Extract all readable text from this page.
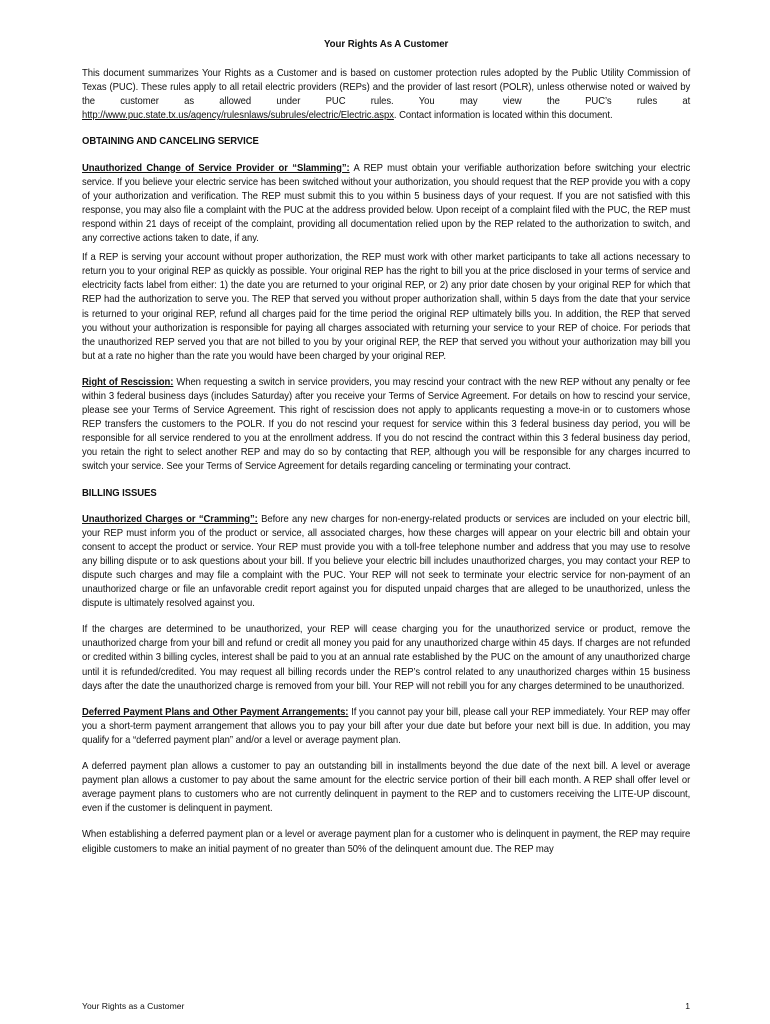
Your Rights As A Customer

This document summarizes Your Rights as a Customer and is based on customer protection rules adopted by the Public Utility Commission of Texas (PUC). These rules apply to all retail electric providers (REPs) and the provider of last resort (POLR), unless otherwise noted or waived by the customer as allowed under PUC rules. You may view the PUC’s rules at http://www.puc.state.tx.us/agency/rulesnlaws/subrules/electric/Electric.aspx. Contact information is located within this document.

OBTAINING AND CANCELING SERVICE

Unauthorized Change of Service Provider or “Slamming”: A REP must obtain your verifiable authorization before switching your electric service. If you believe your electric service has been switched without your authorization, you should request that the REP provide you with a copy of your authorization and verification. The REP must submit this to you within 5 business days of your request. If you are not satisfied with this response, you may also file a complaint with the PUC at the address provided below. Upon receipt of a complaint filed with the PUC, the REP must respond within 21 days of receipt of the complaint, providing all documentation relied upon by the REP related to the authorization to switch, and any corrective actions taken to date, if any.

If a REP is serving your account without proper authorization, the REP must work with other market participants to take all actions necessary to return you to your original REP as quickly as possible. Your original REP has the right to bill you at the price disclosed in your terms of service and electricity facts label from either: 1) the date you are returned to your original REP, or 2) any prior date chosen by your original REP for which that REP had the authorization to serve you. The REP that served you without proper authorization shall, within 5 days from the date that your service is returned to your original REP, refund all charges paid for the time period the original REP ultimately bills you. In addition, the REP that served you without your authorization is responsible for paying all charges associated with returning your service to your REP of choice. For periods that the unauthorized REP served you that are not billed to you by your original REP, the REP that served you without your authorization may bill you but at a rate no higher than the rate you would have been charged by your original REP.

Right of Rescission: When requesting a switch in service providers, you may rescind your contract with the new REP without any penalty or fee within 3 federal business days (includes Saturday) after you receive your Terms of Service Agreement. For details on how to rescind your service, please see your Terms of Service Agreement. This right of rescission does not apply to applicants requesting a move-in or to customers whose REP transfers the customers to the POLR. If you do not rescind your request for service within this 3 federal business day period, you will be responsible for all service rendered to you at the enrollment address. If you do not rescind the contract within this 3 federal business day period, you retain the right to select another REP and may do so by contacting that REP, although you will be responsible for any charges incurred to switch your service. See your Terms of Service Agreement for details regarding canceling or terminating your contract.

BILLING ISSUES

Unauthorized Charges or “Cramming”: Before any new charges for non-energy-related products or services are included on your electric bill, your REP must inform you of the product or service, all associated charges, how these charges will appear on your electric bill and obtain your consent to accept the product or service. Your REP must provide you with a toll-free telephone number and address that you may use to resolve any billing dispute or to ask questions about your bill. If you believe your electric bill includes unauthorized charges, you may contact your REP to dispute such charges and may file a complaint with the PUC. Your REP will not seek to terminate your electric service for non-payment of an unauthorized charge or file an unfavorable credit report against you for disputed unpaid charges that are alleged to be unauthorized, unless the dispute is ultimately resolved against you.

If the charges are determined to be unauthorized, your REP will cease charging you for the unauthorized service or product, remove the unauthorized charge from your bill and refund or credit all money you paid for any unauthorized charge within 45 days. If charges are not refunded or credited within 3 billing cycles, interest shall be paid to you at an annual rate established by the PUC on the amount of any unauthorized charge until it is refunded/credited. You may request all billing records under the REP’s control related to any unauthorized charges within 15 business days after the date the unauthorized charge is removed from your bill. Your REP will not rebill you for any charges determined to be unauthorized.

Deferred Payment Plans and Other Payment Arrangements: If you cannot pay your bill, please call your REP immediately. Your REP may offer you a short-term payment arrangement that allows you to pay your bill after your due date but before your next bill is due. In addition, you may qualify for a “deferred payment plan” and/or a level or average payment plan.

A deferred payment plan allows a customer to pay an outstanding bill in installments beyond the due date of the next bill. A level or average payment plan allows a customer to pay about the same amount for the electric service portion of their bill each month. A REP shall offer level or average payment plans to customers who are not currently delinquent in payment to the REP and to customers receiving the LITE-UP discount, even if the customer is delinquent in payment.

When establishing a deferred payment plan or a level or average payment plan for a customer who is delinquent in payment, the REP may require eligible customers to make an initial payment of no greater than 50% of the delinquent amount due. The REP may

Your Rights as a Customer	1
